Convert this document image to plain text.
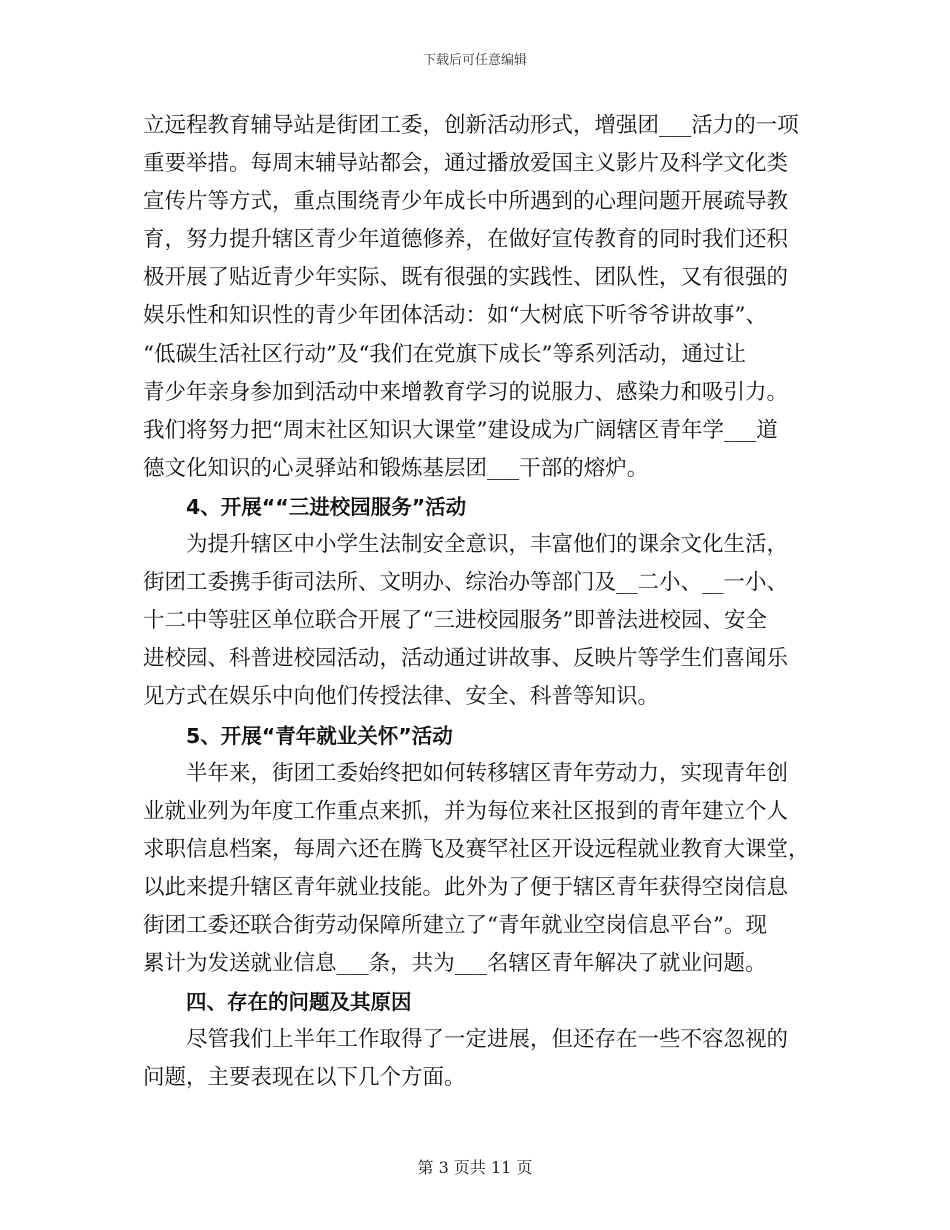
下载后可任意编辑
立远程教育辅导站是街团工委，创新活动形式，增强团___活力的一项
重要举措。每周末辅导站都会，通过播放爱国主义影片及科学文化类
宣传片等方式，重点围绕青少年成长中所遇到的心理问题开展疏导教
育，努力提升辖区青少年道德修养，在做好宣传教育的同时我们还积
极开展了贴近青少年实际、既有很强的实践性、团队性，又有很强的
娱乐性和知识性的青少年团体活动：如“大树底下听爷爷讲故事”、
“低碳生活社区行动”及“我们在党旗下成长”等系列活动，通过让
青少年亲身参加到活动中来增教育学习的说服力、感染力和吸引力。
我们将努力把“周末社区知识大课堂”建设成为广阔辖区青年学___道
德文化知识的心灵驿站和锻炼基层团___干部的熔炉。
4、开展““三进校园服务”活动
为提升辖区中小学生法制安全意识，丰富他们的课余文化生活，
街团工委携手街司法所、文明办、综治办等部门及__二小、__一小、
十二中等驻区单位联合开展了“三进校园服务”即普法进校园、安全
进校园、科普进校园活动，活动通过讲故事、反映片等学生们喜闻乐
见方式在娱乐中向他们传授法律、安全、科普等知识。
5、开展“青年就业关怀”活动
半年来，街团工委始终把如何转移辖区青年劳动力，实现青年创
业就业列为年度工作重点来抓，并为每位来社区报到的青年建立个人
求职信息档案，每周六还在腾飞及赛罕社区开设远程就业教育大课堂，
以此来提升辖区青年就业技能。此外为了便于辖区青年获得空岗信息
街团工委还联合街劳动保障所建立了“青年就业空岗信息平台”。现
累计为发送就业信息___条，共为___名辖区青年解决了就业问题。
四、存在的问题及其原因
尽管我们上半年工作取得了一定进展，但还存在一些不容忽视的
问题，主要表现在以下几个方面。
第 3 页共 11 页
